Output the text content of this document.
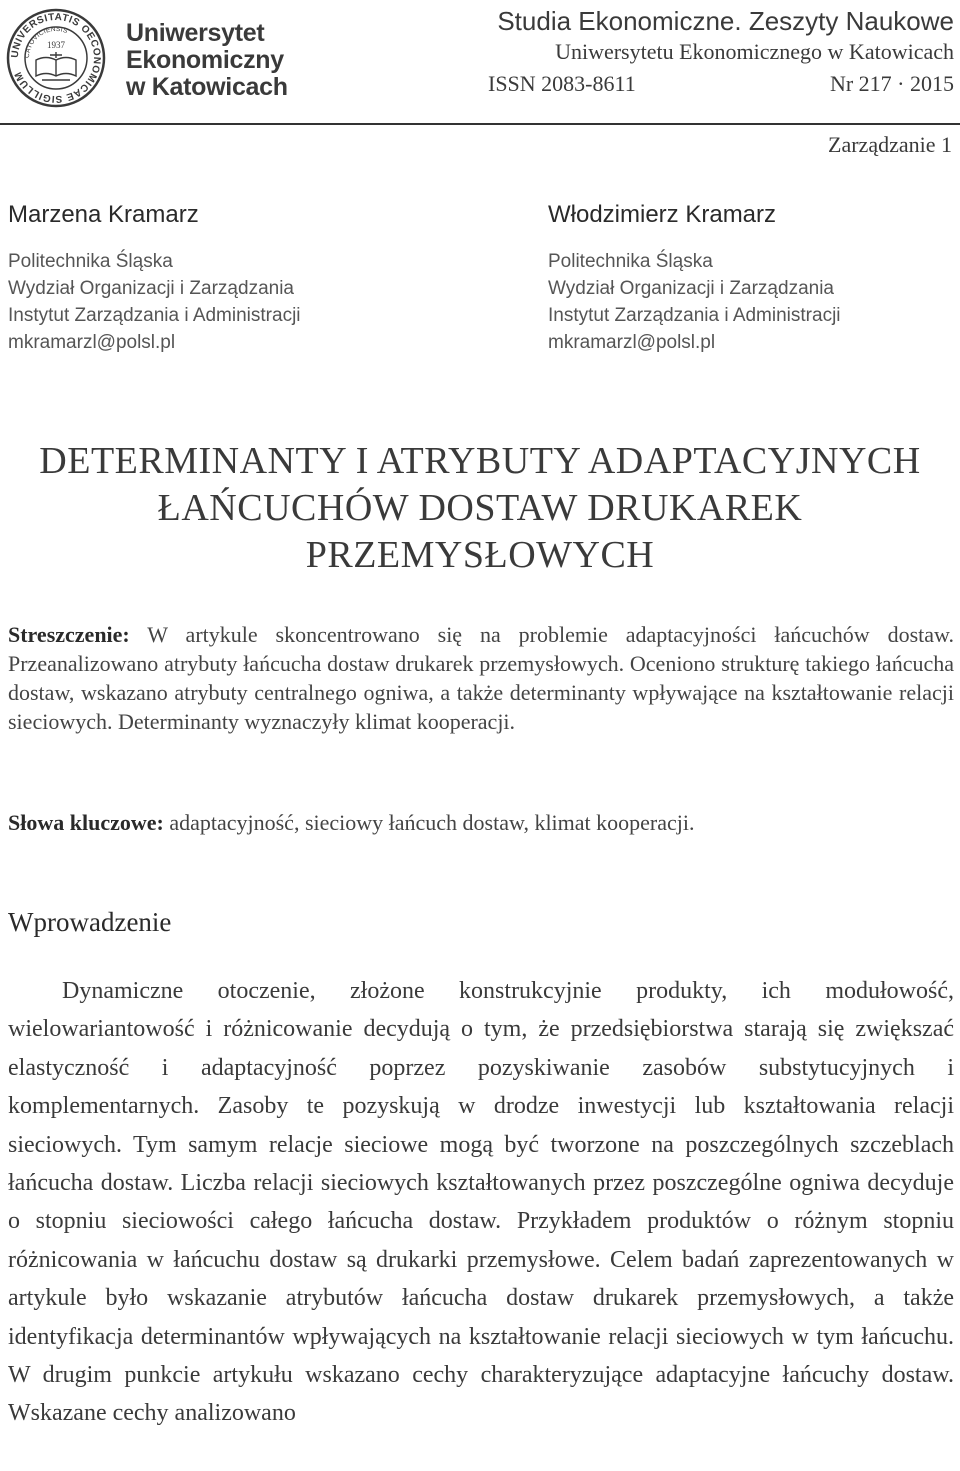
UNIVERSITATIS OECONOMICAE SIGILLUM
CATOVICIENSIS
1937 Uniwersytet
Ekonomiczny
w Katowicach
Studia Ekonomiczne. Zeszyty Naukowe
Uniwersytetu Ekonomicznego w Katowicach
ISSN 2083-8611	Nr 217 · 2015
Zarządzanie 1
Marzena Kramarz
Politechnika Śląska
Wydział Organizacji i Zarządzania
Instytut Zarządzania i Administracji
mkramarzl@polsl.pl
Włodzimierz Kramarz
Politechnika Śląska
Wydział Organizacji i Zarządzania
Instytut Zarządzania i Administracji
mkramarzl@polsl.pl
DETERMINANTY I ATRYBUTY ADAPTACYJNYCH
ŁAŃCUCHÓW DOSTAW DRUKAREK
PRZEMYSŁOWYCH
Streszczenie: W artykule skoncentrowano się na problemie adaptacyjności łańcuchów dostaw. Przeanalizowano atrybuty łańcucha dostaw drukarek przemysłowych. Oceniono strukturę takiego łańcucha dostaw, wskazano atrybuty centralnego ogniwa, a także determinanty wpływające na kształtowanie relacji sieciowych. Determinanty wyznaczyły klimat kooperacji.
Słowa kluczowe: adaptacyjność, sieciowy łańcuch dostaw, klimat kooperacji.
Wprowadzenie
Dynamiczne otoczenie, złożone konstrukcyjnie produkty, ich modułowość, wielowariantowość i różnicowanie decydują o tym, że przedsiębiorstwa starają się zwiększać elastyczność i adaptacyjność poprzez pozyskiwanie zasobów substytucyjnych i komplementarnych. Zasoby te pozyskują w drodze inwestycji lub kształtowania relacji sieciowych. Tym samym relacje sieciowe mogą być tworzone na poszczególnych szczeblach łańcucha dostaw. Liczba relacji sieciowych kształtowanych przez poszczególne ogniwa decyduje o stopniu sieciowości całego łańcucha dostaw. Przykładem produktów o różnym stopniu różnicowania w łańcuchu dostaw są drukarki przemysłowe. Celem badań zaprezentowanych w artykule było wskazanie atrybutów łańcucha dostaw drukarek przemysłowych, a także identyfikacja determinantów wpływających na kształtowanie relacji sieciowych w tym łańcuchu. W drugim punkcie artykułu wskazano cechy charakteryzujące adaptacyjne łańcuchy dostaw. Wskazane cechy analizowano
